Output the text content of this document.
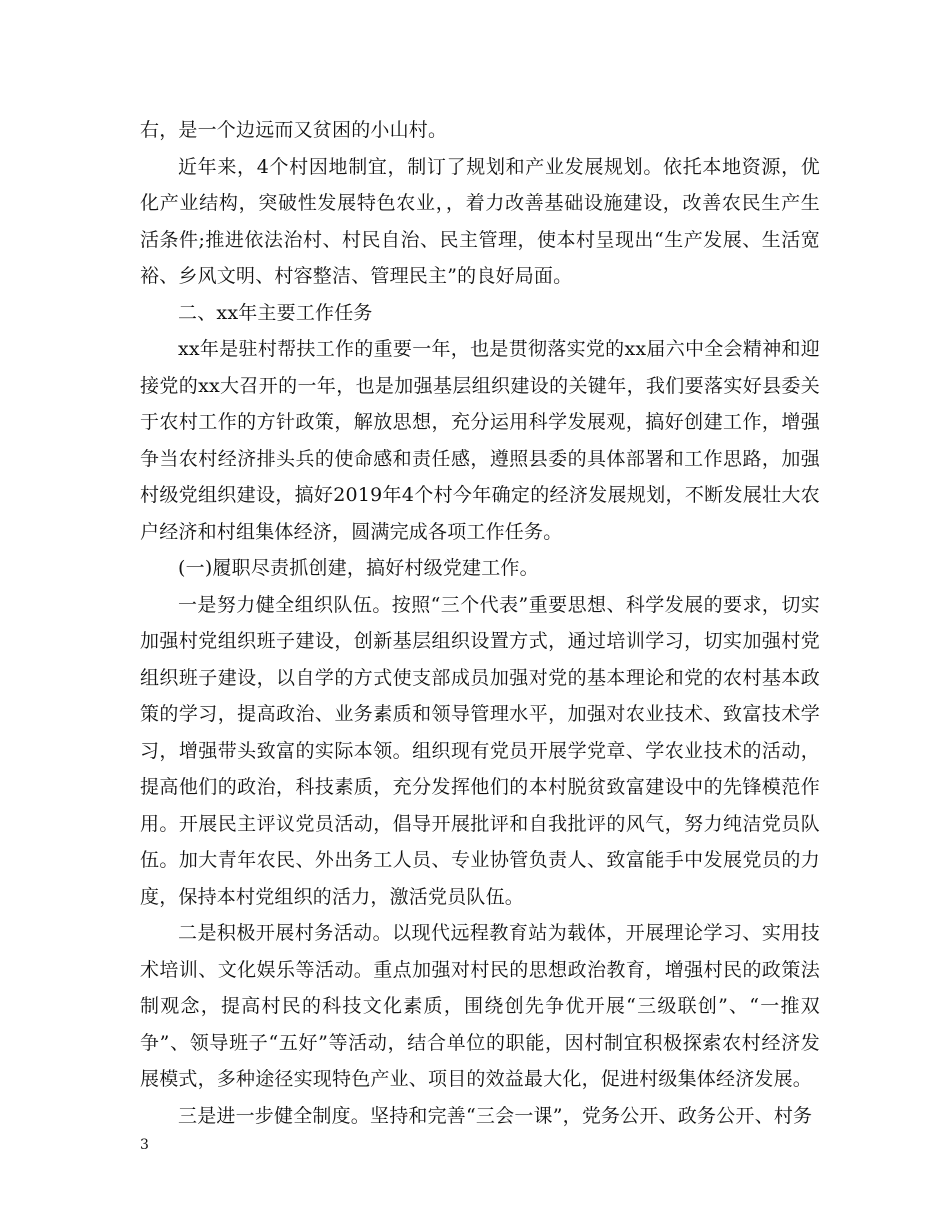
右，是一个边远而又贫困的小山村。

近年来，4个村因地制宜，制订了规划和产业发展规划。依托本地资源，优化产业结构，突破性发展特色农业，，着力改善基础设施建设，改善农民生产生活条件;推进依法治村、村民自治、民主管理，使本村呈现出“生产发展、生活宽裕、乡风文明、村容整洁、管理民主”的良好局面。

二、xx年主要工作任务

xx年是驻村帮扶工作的重要一年，也是贯彻落实党的xx届六中全会精神和迎接党的xx大召开的一年，也是加强基层组织建设的关键年，我们要落实好县委关于农村工作的方针政策，解放思想，充分运用科学发展观，搞好创建工作，增强争当农村经济排头兵的使命感和责任感，遵照县委的具体部署和工作思路，加强村级党组织建设，搞好2019年4个村今年确定的经济发展规划，不断发展壮大农户经济和村组集体经济，圆满完成各项工作任务。

(一)履职尽责抓创建，搞好村级党建工作。

一是努力健全组织队伍。按照“三个代表”重要思想、科学发展的要求，切实加强村党组织班子建设，创新基层组织设置方式，通过培训学习，切实加强村党组织班子建设，以自学的方式使支部成员加强对党的基本理论和党的农村基本政策的学习，提高政治、业务素质和领导管理水平，加强对农业技术、致富技术学习，增强带头致富的实际本领。组织现有党员开展学党章、学农业技术的活动，提高他们的政治，科技素质，充分发挥他们的本村脱贫致富建设中的先锋模范作用。开展民主评议党员活动，倡导开展批评和自我批评的风气，努力纯洁党员队伍。加大青年农民、外出务工人员、专业协管负责人、致富能手中发展党员的力度，保持本村党组织的活力，激活党员队伍。

二是积极开展村务活动。以现代远程教育站为载体，开展理论学习、实用技术培训、文化娱乐等活动。重点加强对村民的思想政治教育，增强村民的政策法制观念，提高村民的科技文化素质，围绕创先争优开展“三级联创”、“一推双争”、领导班子“五好”等活动，结合单位的职能，因村制宜积极探索农村经济发展模式，多种途径实现特色产业、项目的效益最大化，促进村级集体经济发展。

三是进一步健全制度。坚持和完善“三会一课”，党务公开、政务公开、村务

3
